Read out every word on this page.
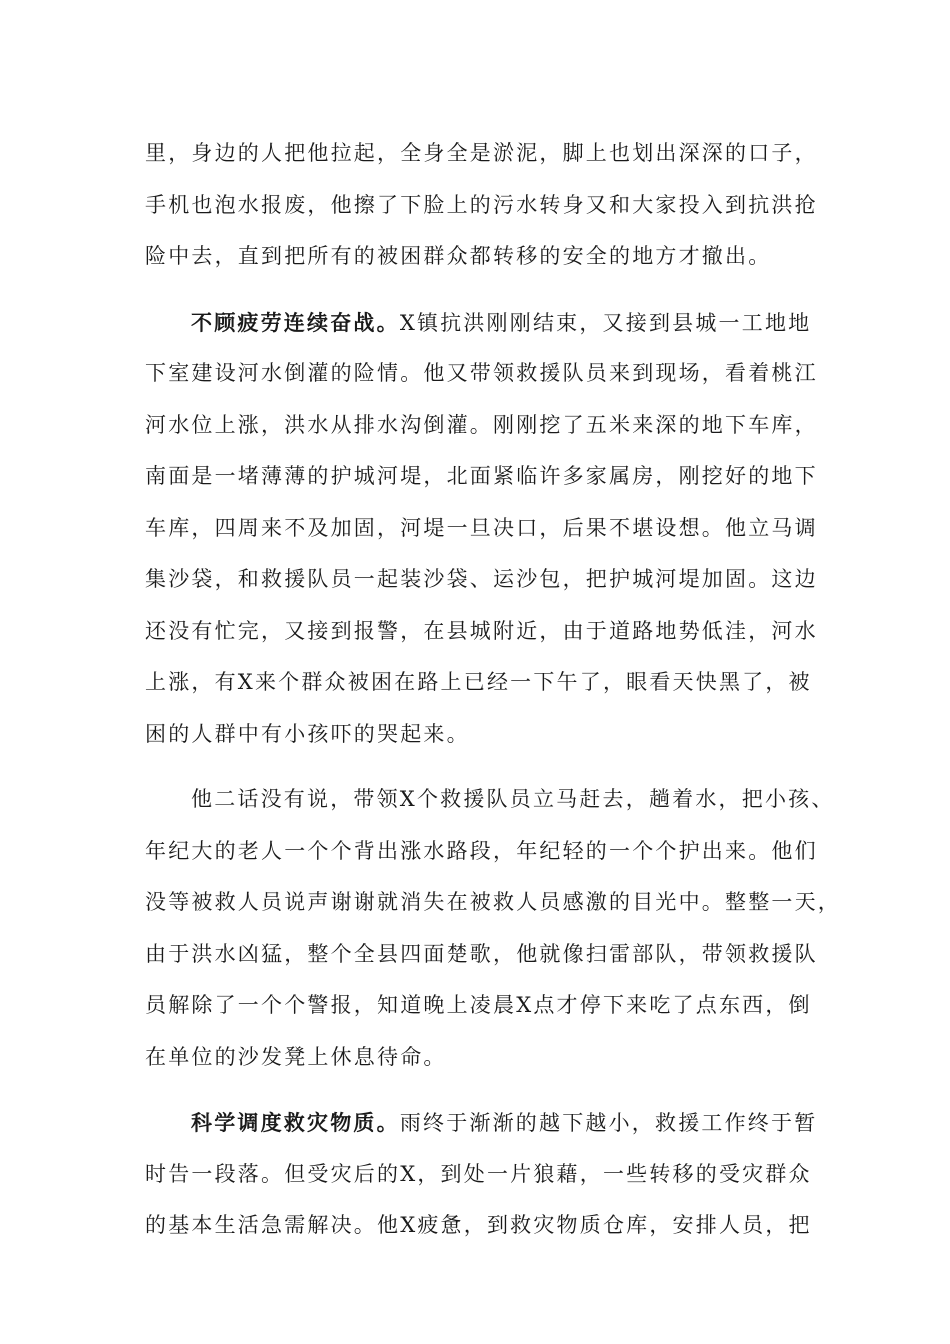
里，身边的人把他拉起，全身全是淤泥，脚上也划出深深的口子，
手机也泡水报废，他擦了下脸上的污水转身又和大家投入到抗洪抢
险中去，直到把所有的被困群众都转移的安全的地方才撤出。
不顾疲劳连续奋战。X镇抗洪刚刚结束，又接到县城一工地地
下室建设河水倒灌的险情。他又带领救援队员来到现场，看着桃江
河水位上涨，洪水从排水沟倒灌。刚刚挖了五米来深的地下车库，
南面是一堵薄薄的护城河堤，北面紧临许多家属房，刚挖好的地下
车库，四周来不及加固，河堤一旦决口，后果不堪设想。他立马调
集沙袋，和救援队员一起装沙袋、运沙包，把护城河堤加固。这边
还没有忙完，又接到报警，在县城附近，由于道路地势低洼，河水
上涨，有X来个群众被困在路上已经一下午了，眼看天快黑了，被
困的人群中有小孩吓的哭起来。
他二话没有说，带领X个救援队员立马赶去，趟着水，把小孩、
年纪大的老人一个个背出涨水路段，年纪轻的一个个护出来。他们
没等被救人员说声谢谢就消失在被救人员感激的目光中。整整一天，
由于洪水凶猛，整个全县四面楚歌，他就像扫雷部队，带领救援队
员解除了一个个警报，知道晚上凌晨X点才停下来吃了点东西，倒
在单位的沙发凳上休息待命。
科学调度救灾物质。雨终于渐渐的越下越小，救援工作终于暂
时告一段落。但受灾后的X，到处一片狼藉，一些转移的受灾群众
的基本生活急需解决。他X疲惫，到救灾物质仓库，安排人员，把
